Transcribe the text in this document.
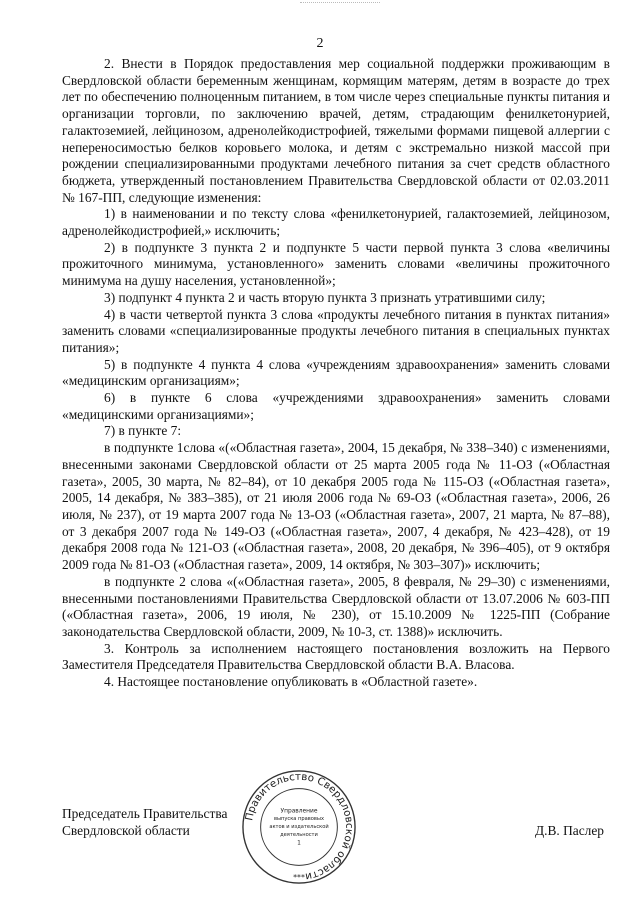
2

2. Внести в Порядок предоставления мер социальной поддержки проживающим в Свердловской области беременным женщинам, кормящим матерям, детям в возрасте до трех лет по обеспечению полноценным питанием, в том числе через специальные пункты питания и организации торговли, по заключению врачей, детям, страдающим фенилкетонурией, галактоземией, лейцинозом, адренолейкодистрофией, тяжелыми формами пищевой аллергии с непереносимостью белков коровьего молока, и детям с экстремально низкой массой при рождении специализированными продуктами лечебного питания за счет средств областного бюджета, утвержденный постановлением Правительства Свердловской области от 02.03.2011 № 167-ПП, следующие изменения:

1) в наименовании и по тексту слова «фенилкетонурией, галактоземией, лейцинозом, адренолейкодистрофией,» исключить;

2) в подпункте 3 пункта 2 и подпункте 5 части первой пункта 3 слова «величины прожиточного минимума, установленного» заменить словами «величины прожиточного минимума на душу населения, установленной»;

3) подпункт 4 пункта 2 и часть вторую пункта 3 признать утратившими силу;

4) в части четвертой пункта 3 слова «продукты лечебного питания в пунктах питания» заменить словами «специализированные продукты лечебного питания в специальных пунктах питания»;

5) в подпункте 4 пункта 4 слова «учреждениям здравоохранения» заменить словами «медицинским организациям»;

6) в пункте 6 слова «учреждениями здравоохранения» заменить словами «медицинскими организациями»;

7) в пункте 7:

в подпункте 1слова «(«Областная газета», 2004, 15 декабря, № 338–340) с изменениями, внесенными законами Свердловской области от 25 марта 2005 года № 11-ОЗ («Областная газета», 2005, 30 марта, № 82–84), от 10 декабря 2005 года № 115-ОЗ («Областная газета», 2005, 14 декабря, № 383–385), от 21 июля 2006 года № 69-ОЗ («Областная газета», 2006, 26 июля, № 237), от 19 марта 2007 года № 13-ОЗ («Областная газета», 2007, 21 марта, № 87–88), от 3 декабря 2007 года № 149-ОЗ («Областная газета», 2007, 4 декабря, № 423–428), от 19 декабря 2008 года № 121-ОЗ («Областная газета», 2008, 20 декабря, № 396–405), от 9 октября 2009 года № 81-ОЗ («Областная газета», 2009, 14 октября, № 303–307)» исключить;

в подпункте 2 слова «(«Областная газета», 2005, 8 февраля, № 29–30) с изменениями, внесенными постановлениями Правительства Свердловской области от 13.07.2006 № 603-ПП («Областная газета», 2006, 19 июля, № 230), от 15.10.2009 № 1225-ПП (Собрание законодательства Свердловской области, 2009, № 10-3, ст. 1388)» исключить.

3. Контроль за исполнением настоящего постановления возложить на Первого Заместителя Председателя Правительства Свердловской области В.А. Власова.

4. Настоящее постановление опубликовать в «Областной газете».

Председатель Правительства
Свердловской области	Д.В. Паслер
Правительство Свердловской области
Управление
выпуска правовых
актов и издательской
деятельности
1
***
